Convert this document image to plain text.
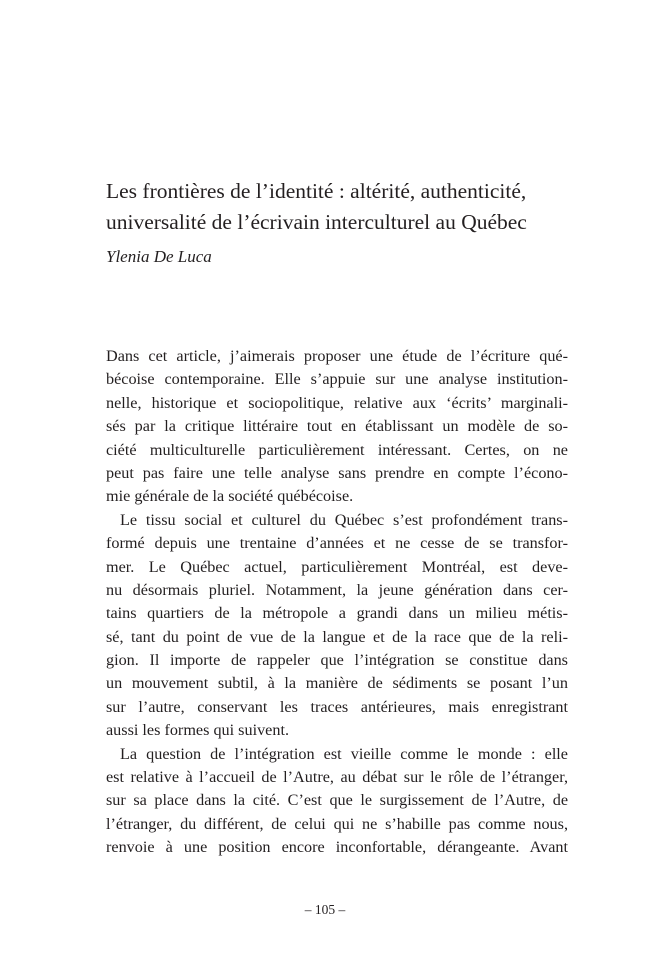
Les frontières de l’identité : altérité, authenticité,
universalité de l’écrivain interculturel au Québec
Ylenia De Luca
Dans cet article, j’aimerais proposer une étude de l’écriture qué-
bécoise contemporaine. Elle s’appuie sur une analyse institution-
nelle, historique et sociopolitique, relative aux ‘écrits’ marginali-
sés par la critique littéraire tout en établissant un modèle de so-
ciété multiculturelle particulièrement intéressant. Certes, on ne
peut pas faire une telle analyse sans prendre en compte l’écono-
mie générale de la société québécoise.
Le tissu social et culturel du Québec s’est profondément trans-
formé depuis une trentaine d’années et ne cesse de se transfor-
mer. Le Québec actuel, particulièrement Montréal, est deve-
nu désormais pluriel. Notamment, la jeune génération dans cer-
tains quartiers de la métropole a grandi dans un milieu métis-
sé, tant du point de vue de la langue et de la race que de la reli-
gion. Il importe de rappeler que l’intégration se constitue dans
un mouvement subtil, à la manière de sédiments se posant l’un
sur l’autre, conservant les traces antérieures, mais enregistrant
aussi les formes qui suivent.
La question de l’intégration est vieille comme le monde : elle
est relative à l’accueil de l’Autre, au débat sur le rôle de l’étranger,
sur sa place dans la cité. C’est que le surgissement de l’Autre, de
l’étranger, du différent, de celui qui ne s’habille pas comme nous,
renvoie à une position encore inconfortable, dérangeante. Avant
– 105 –
